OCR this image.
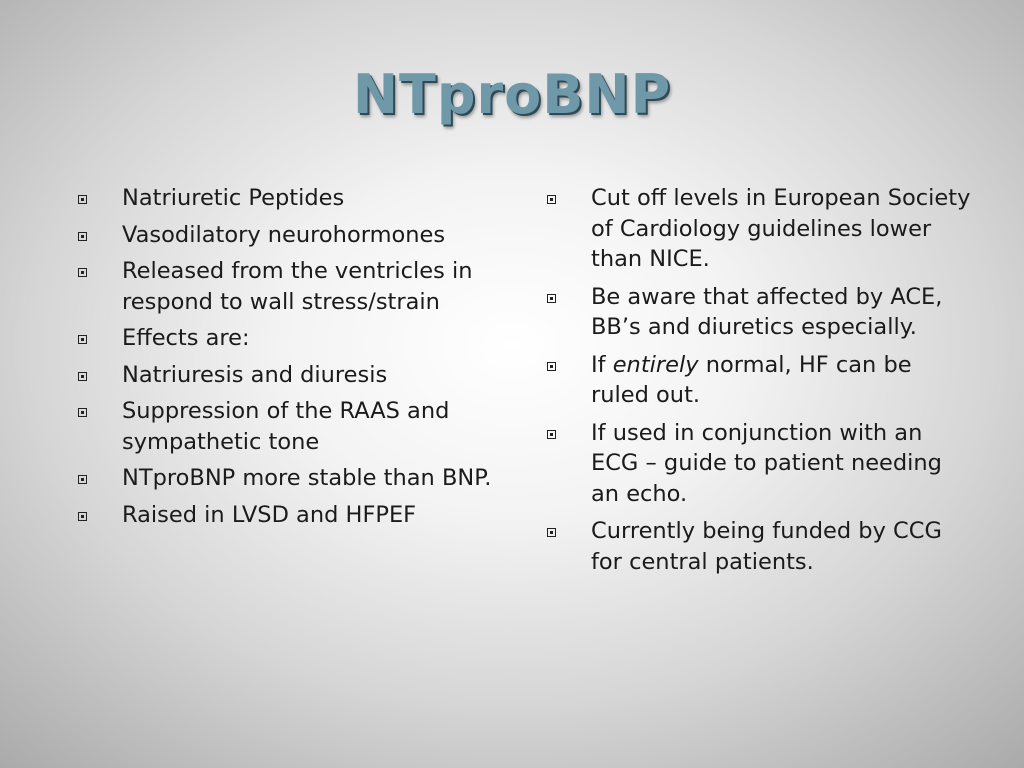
NTproBNP
Natriuretic Peptides
Vasodilatory neurohormones
Released from the ventricles in respond to wall stress/strain
Effects are:
Natriuresis and diuresis
Suppression of the RAAS and sympathetic tone
NTproBNP more stable than BNP.
Raised in LVSD and HFPEF
Cut off levels in European Society of Cardiology guidelines lower than NICE.
Be aware that affected by ACE, BB’s and diuretics especially.
If entirely normal, HF can be ruled out.
If used in conjunction with an ECG – guide to patient needing an echo.
Currently being funded by CCG for central patients.
